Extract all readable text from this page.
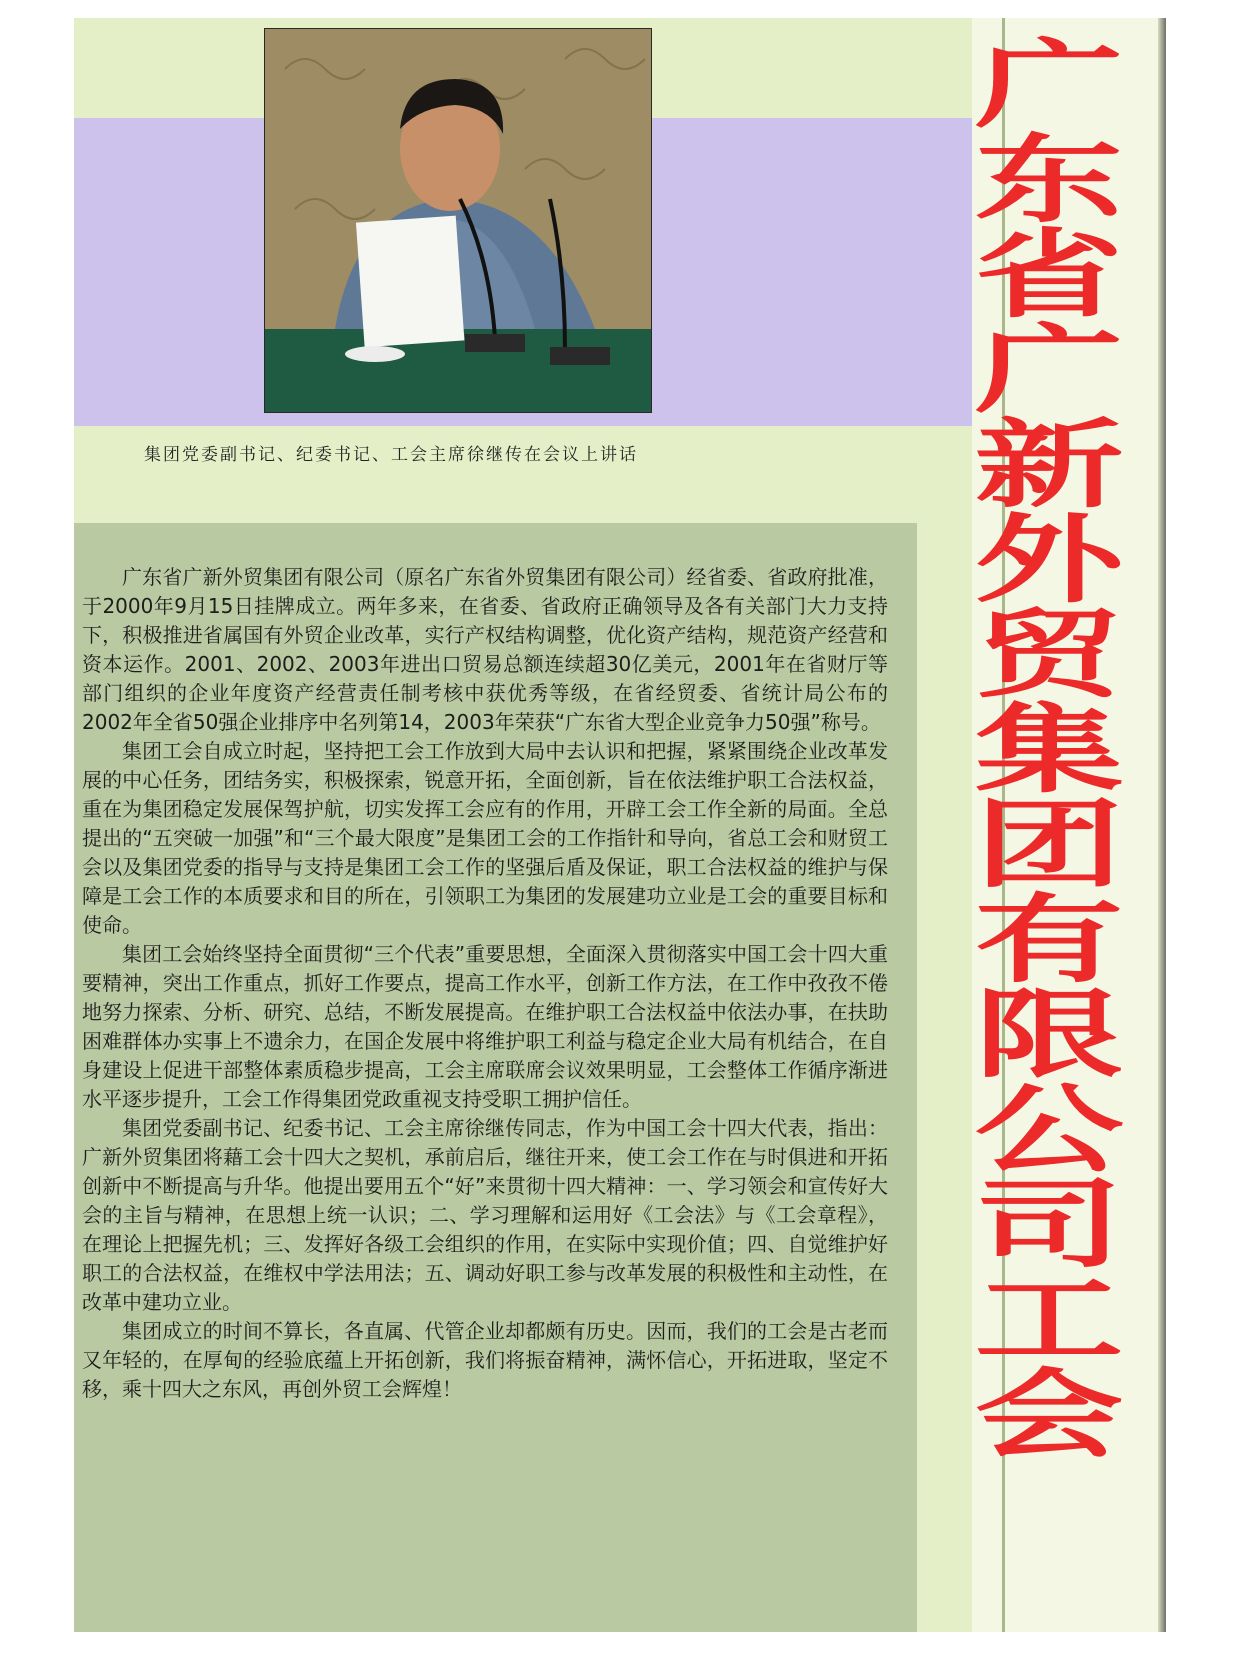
集团党委副书记、纪委书记、工会主席徐继传在会议上讲话

广东省广新外贸集团有限公司（原名广东省外贸集团有限公司）经省委、省政府批准，于2000年9月15日挂牌成立。两年多来，在省委、省政府正确领导及各有关部门大力支持下，积极推进省属国有外贸企业改革，实行产权结构调整，优化资产结构，规范资产经营和资本运作。2001、2002、2003年进出口贸易总额连续超30亿美元，2001年在省财厅等部门组织的企业年度资产经营责任制考核中获优秀等级，在省经贸委、省统计局公布的2002年全省50强企业排序中名列第14，2003年荣获“广东省大型企业竞争力50强”称号。

集团工会自成立时起，坚持把工会工作放到大局中去认识和把握，紧紧围绕企业改革发展的中心任务，团结务实，积极探索，锐意开拓，全面创新，旨在依法维护职工合法权益，重在为集团稳定发展保驾护航，切实发挥工会应有的作用，开辟工会工作全新的局面。全总提出的“五突破一加强”和“三个最大限度”是集团工会的工作指针和导向，省总工会和财贸工会以及集团党委的指导与支持是集团工会工作的坚强后盾及保证，职工合法权益的维护与保障是工会工作的本质要求和目的所在，引领职工为集团的发展建功立业是工会的重要目标和使命。

集团工会始终坚持全面贯彻“三个代表”重要思想，全面深入贯彻落实中国工会十四大重要精神，突出工作重点，抓好工作要点，提高工作水平，创新工作方法，在工作中孜孜不倦地努力探索、分析、研究、总结，不断发展提高。在维护职工合法权益中依法办事，在扶助困难群体办实事上不遗余力，在国企发展中将维护职工利益与稳定企业大局有机结合，在自身建设上促进干部整体素质稳步提高，工会主席联席会议效果明显，工会整体工作循序渐进水平逐步提升，工会工作得集团党政重视支持受职工拥护信任。

集团党委副书记、纪委书记、工会主席徐继传同志，作为中国工会十四大代表，指出：广新外贸集团将藉工会十四大之契机，承前启后，继往开来，使工会工作在与时俱进和开拓创新中不断提高与升华。他提出要用五个“好”来贯彻十四大精神：一、学习领会和宣传好大会的主旨与精神，在思想上统一认识；二、学习理解和运用好《工会法》与《工会章程》，在理论上把握先机；三、发挥好各级工会组织的作用，在实际中实现价值；四、自觉维护好职工的合法权益，在维权中学法用法；五、调动好职工参与改革发展的积极性和主动性，在改革中建功立业。

集团成立的时间不算长，各直属、代管企业却都颇有历史。因而，我们的工会是古老而又年轻的，在厚甸的经验底蕴上开拓创新，我们将振奋精神，满怀信心，开拓进取，坚定不移，乘十四大之东风，再创外贸工会辉煌！

广
东
省
广
新
外
贸
集
团
有
限
公
司
工
会
